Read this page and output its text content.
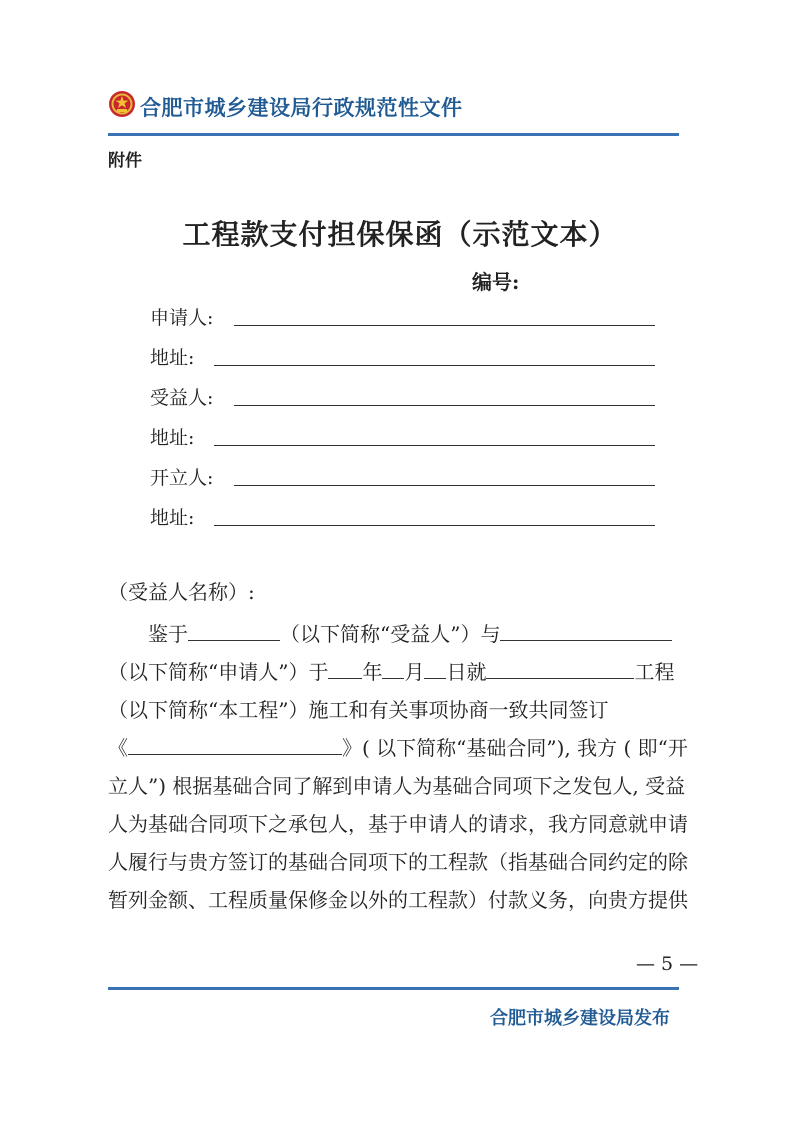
合肥市城乡建设局行政规范性文件
附件
工程款支付担保保函（示范文本）
编号:
申请人:
地址:
受益人:
地址:
开立人:
地址:
（受益人名称）:
鉴于	（以下简称“受益人”）与
（以下简称“申请人”）于 年 月 日就	工程
（以下简称“本工程”）施工和有关事项协商一致共同签订
《	》( 以下简称“基础合同”), 我方 ( 即“开
立人”) 根据基础合同了解到申请人为基础合同项下之发包人, 受益
人为基础合同项下之承包人，基于申请人的请求，我方同意就申请
人履行与贵方签订的基础合同项下的工程款（指基础合同约定的除
暂列金额、工程质量保修金以外的工程款）付款义务，向贵方提供
— 5 —
合肥市城乡建设局发布
